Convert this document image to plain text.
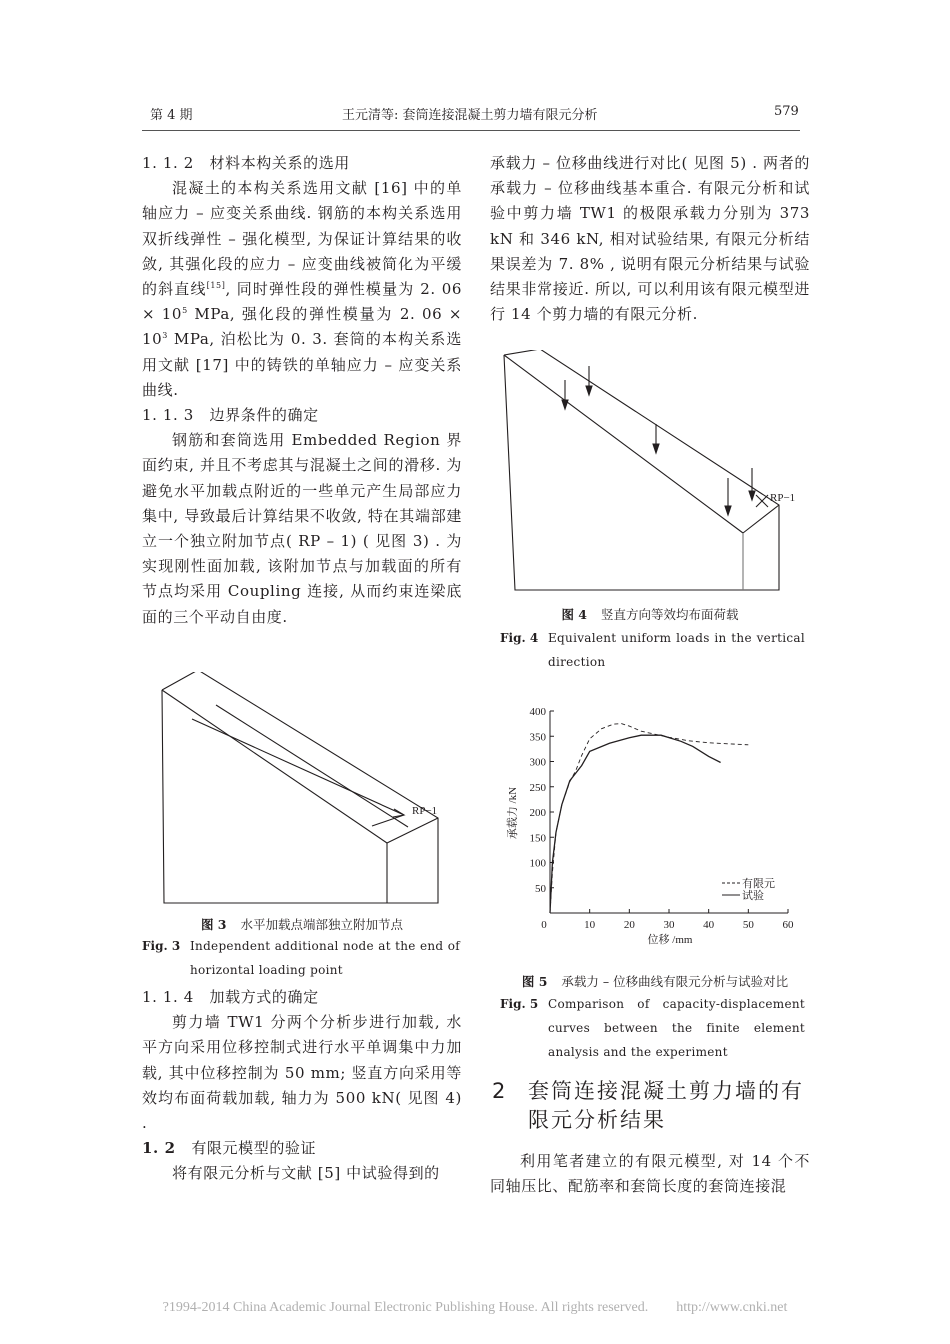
第 4 期	王元清等: 套筒连接混凝土剪力墙有限元分析	579

1. 1. 2　材料本构关系的选用

混凝土的本构关系选用文献 [16] 中的单轴应力 – 应变关系曲线. 钢筋的本构关系选用双折线弹性 – 强化模型, 为保证计算结果的收敛, 其强化段的应力 – 应变曲线被简化为平缓的斜直线[15], 同时弹性段的弹性模量为 2. $06 \times 10^5$ MPa, 强化段的弹性模量为 2. $06 \times 10^3$ MPa, 泊松比为 0. 3. 套筒的本构关系选用文献 [17] 中的铸铁的单轴应力 – 应变关系曲线.

1. 1. 3　边界条件的确定

钢筋和套筒选用 Embedded Region 界面约束, 并且不考虑其与混凝土之间的滑移. 为避免水平加载点附近的一些单元产生局部应力集中, 导致最后计算结果不收敛, 特在其端部建立一个独立附加节点( RP – 1) ( 见图 3) . 为实现刚性面加载, 该附加节点与加载面的所有节点均采用 Coupling 连接, 从而约束连梁底面的三个平动自由度.

RP−1
图 3 水平加载点端部独立附加节点
Fig. 3 Independent additional node at the end of horizontal loading point

1. 1. 4　加载方式的确定

剪力墙 TW1 分两个分析步进行加载, 水平方向采用位移控制式进行水平单调集中力加载, 其中位移控制为 50 mm; 竖直方向采用等效均布面荷载加载, 轴力为 500 kN( 见图 4) .

1. 2　 有限元模型的验证

将有限元分析与文献 [5] 中试验得到的

承载力 – 位移曲线进行对比( 见图 5) . 两者的承载力 – 位移曲线基本重合. 有限元分析和试验中剪力墙 TW1 的极限承载力分别为 373 kN 和 346 kN, 相对试验结果, 有限元分析结果误差为 7. 8% , 说明有限元分析结果与试验结果非常接近. 所以, 可以利用该有限元模型进行 14 个剪力墙的有限元分析.

RP−1
图 4 竖直方向等效均布面荷载
Fig. 4 Equivalent uniform loads in the vertical direction
0	10	20	30	40	50	60
50
100
150
200
250
300
350
400
有限元
试验
位移 /mm
承载力 /kN
图 5 承载力 – 位移曲线有限元分析与试验对比
Fig. 5 Comparison of capacity-displacement curves between the finite element analysis and the experiment
2 套筒连接混凝土剪力墙的有限元分析结果

利用笔者建立的有限元模型, 对 14 个不同轴压比、配筋率和套筒长度的套筒连接混

?1994-2014 China Academic Journal Electronic Publishing House. All rights reserved.　　http://www.cnki.net
